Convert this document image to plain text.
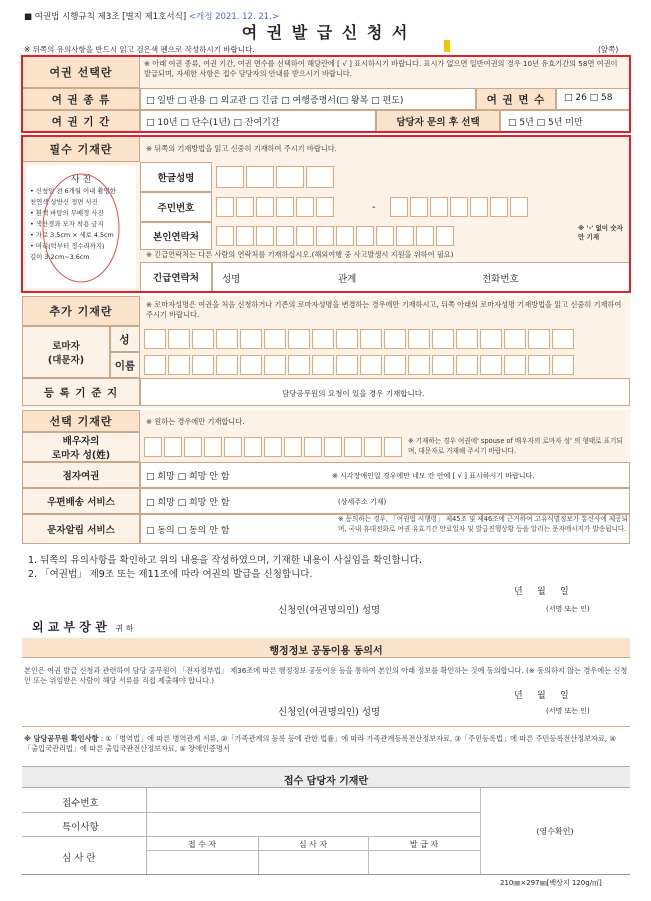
■ 여권법 시행규칙 제3조 [별지 제1호서식] <개정 2021. 12. 21.>
여 권 발 급 신 청 서
※ 뒤쪽의 유의사항을 반드시 읽고 검은색 펜으로 작성하시기 바랍니다.	(앞쪽)
여권 선택란
※ 아래 여권 종류, 여권 기간, 여권 면수를 선택하여 해당란에 [ √ ] 표시하시기 바랍니다. 표시가 없으면 일반여권의 경우 10년 유효기간의 58면 여권이 발급되며, 자세한 사항은 접수 담당자의 안내를 받으시기 바랍니다.
여 권 종 류	□ 일반 □ 관용 □ 외교관 □ 긴급 □ 여행증명서(□ 왕복 □ 편도)	여 권 면 수	□ 26 □ 58
여 권 기 간	□ 10년 □ 단수(1년) □ 잔여기간	담당자 문의 후 선택	□ 5년 □ 5년 미만
필수 기재란	※ 뒤쪽의 기재방법을 읽고 신중히 기재하여 주시기 바랍니다.
사 진
• 신청일 전 6개월 이내 촬영한
천연색 상반신 정면 사진
• 흰색 바탕의 무배경 사진
• 색안경과 모자 착용 금지
• 가로 3.5cm × 세로 4.5cm
• 머리(턱부터 정수리까지)
길이 3.2cm~3.6cm
한글성명
주민번호	-
본인연락처
※ '-' 없이 숫자만 기재
※ 긴급연락처는 다른 사람의 연락처를 기재하십시오.(해외여행 중 사고발생시 지원을 위하여 필요)
긴급연락처	성명	관계	전화번호
추가 기재란
※ 로마자성명은 여권을 처음 신청하거나 기존의 로마자성명을 변경하는 경우에만 기재하시고, 뒤쪽 아래의 로마자성명 기재방법을 읽고 신중히 기재하여 주시기 바랍니다.
로마자
(대문자)
성
이름
등 록 기 준 지	담당공무원의 요청이 있을 경우 기재합니다.
선택 기재란	※ 원하는 경우에만 기재합니다.
배우자의
로마자 성(姓)
※ 기재하는 경우 여권에' spouse of 배우자의 로마자 성' 의 형태로 표기되며, 대문자로 기재해 주시기 바랍니다.
점자여권	□ 희망 □ 희망 안 함	※ 시각장애인일 경우에만 네모 칸 안에 [ √ ] 표시하시기 바랍니다.
우편배송 서비스	□ 희망 □ 희망 안 함	(상세주소 기재)
문자알림 서비스	□ 동의 □ 동의 안 함
※ 동의하는 경우, 「여권법 시행령」 제45조 및 제46조에 근거하여 고유식별정보가 통신사에 제공되며, 국내 휴대전화로 여권 유효기간 만료일자 및 발급진행상황 등을 알리는 문자메시지가 발송됩니다.
1. 뒤쪽의 유의사항을 확인하고 위의 내용을 작성하였으며, 기재한 내용이 사실임을 확인합니다.
2. 「여권법」 제9조 또는 제11조에 따라 여권의 발급을 신청합니다.
년     월     일
신청인(여권명의인) 성명	(서명 또는 인)
외 교 부 장 관 귀 하
행정정보 공동이용 동의서
본인은 여권 발급 신청과 관련하여 담당 공무원이 「전자정부법」 제36조에 따른 행정정보 공동이용 등을 통하여 본인의 아래 정보를 확인하는 것에 동의합니다. (※ 동의하지 않는 경우에는 신청인 또는 위임받은 사람이 해당 서류를 직접 제출해야 합니다.)
년     월     일
신청인(여권명의인) 성명	(서명 또는 인)
※ 담당공무원 확인사항 : ①「병역법」에 따른 병역관계 서류, ②「가족관계의 등록 등에 관한 법률」에 따라 가족관계등록전산정보자료, ③「주민등록법」에 따른 주민등록전산정보자료, ④「출입국관리법」에 따른 출입국관전산정보자료, ⑤ 장애인증명서
접수 담당자 기재란
접수번호
특이사항
심 사 란
접 수 자	심 사 자	발 급 자
(영수확인)
210㎜×297㎜[백상지 120g/㎡]
